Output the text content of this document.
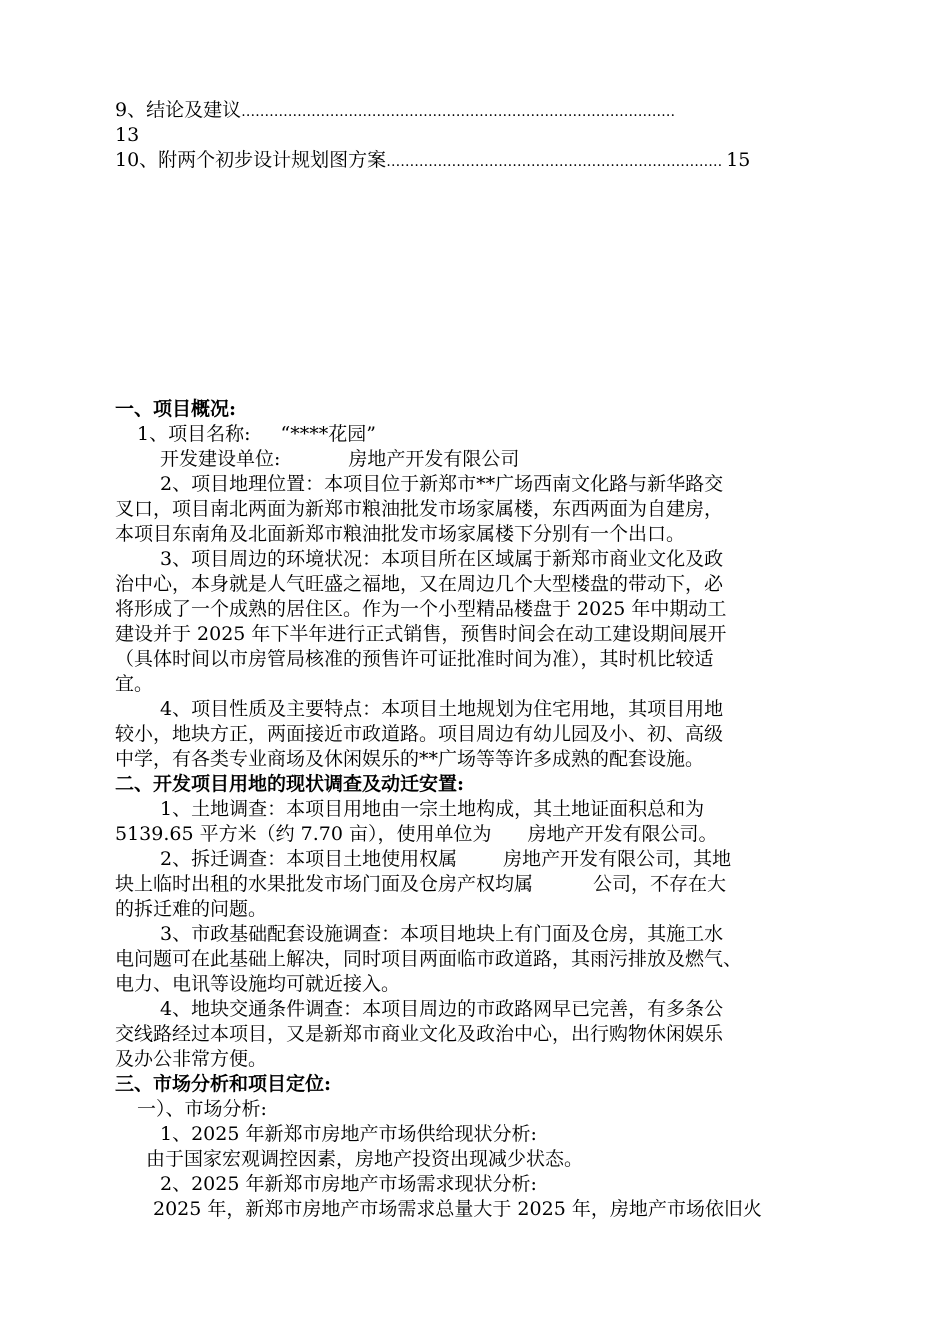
9、结论及建议…………………………………………………………………………………
13
10、附两个初步设计规划图方案……………………………………………………………… 15
一、项目概况:
1、项目名称: “****花园”
开发建设单位:	房地产开发有限公司
2、项目地理位置：本项目位于新郑市**广场西南文化路与新华路交
叉口，项目南北两面为新郑市粮油批发市场家属楼，东西两面为自建房，
本项目东南角及北面新郑市粮油批发市场家属楼下分别有一个出口。
3、项目周边的环境状况：本项目所在区域属于新郑市商业文化及政
治中心，本身就是人气旺盛之福地，又在周边几个大型楼盘的带动下，必
将形成了一个成熟的居住区。作为一个小型精品楼盘于 2025 年中期动工
建设并于 2025 年下半年进行正式销售，预售时间会在动工建设期间展开
（具体时间以市房管局核准的预售许可证批准时间为准），其时机比较适
宜。
4、项目性质及主要特点：本项目土地规划为住宅用地，其项目用地
较小，地块方正，两面接近市政道路。项目周边有幼儿园及小、初、高级
中学，有各类专业商场及休闲娱乐的**广场等等许多成熟的配套设施。
二、开发项目用地的现状调查及动迁安置:
1、土地调查：本项目用地由一宗土地构成，其土地证面积总和为
5139.65 平方米（约 7.70 亩），使用单位为 房地产开发有限公司。
2、拆迁调查：本项目土地使用权属 房地产开发有限公司，其地
块上临时出租的水果批发市场门面及仓房产权均属	公司，不存在大
的拆迁难的问题。
3、市政基础配套设施调查：本项目地块上有门面及仓房，其施工水
电问题可在此基础上解决，同时项目两面临市政道路，其雨污排放及燃气、
电力、电讯等设施均可就近接入。
4、地块交通条件调查：本项目周边的市政路网早已完善，有多条公
交线路经过本项目，又是新郑市商业文化及政治中心，出行购物休闲娱乐
及办公非常方便。
三、市场分析和项目定位:
一）、市场分析:
1、2025 年新郑市房地产市场供给现状分析:
由于国家宏观调控因素，房地产投资出现减少状态。
2、2025 年新郑市房地产市场需求现状分析:
2025 年，新郑市房地产市场需求总量大于 2025 年，房地产市场依旧火
